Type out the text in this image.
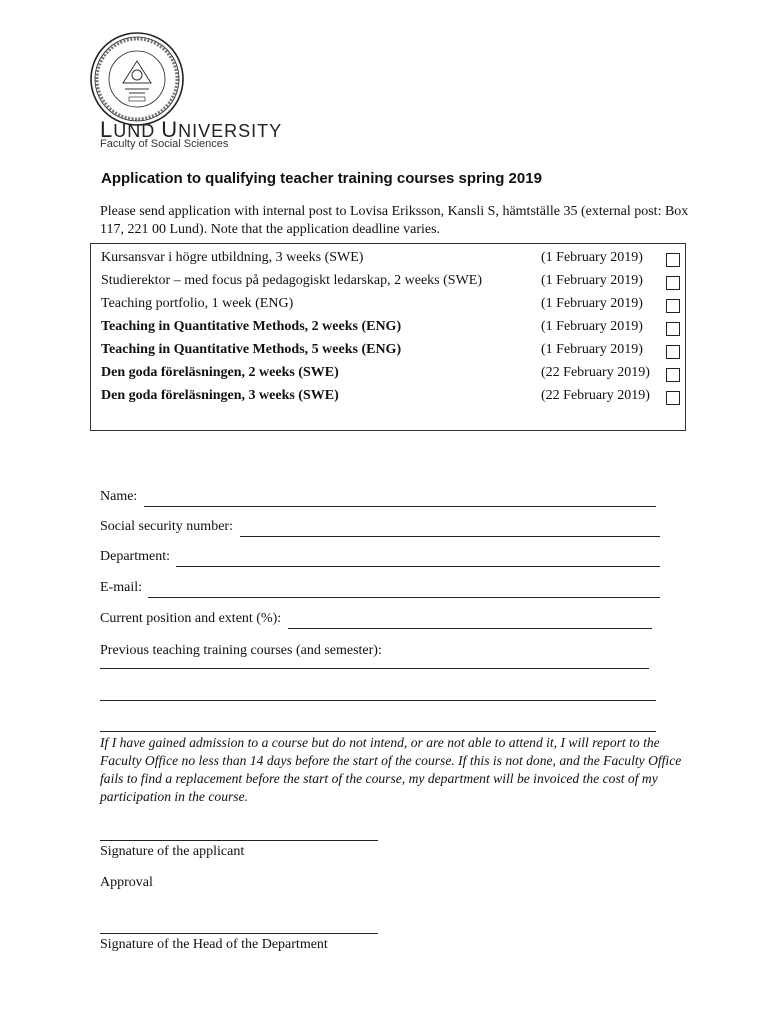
LUND UNIVERSITY
Faculty of Social Sciences
Application to qualifying teacher training courses spring 2019
Please send application with internal post to Lovisa Eriksson, Kansli S, hämtställe 35 (external post: Box 117, 221 00 Lund). Note that the application deadline varies.
Kursansvar i högre utbildning, 3 weeks (SWE)	(1 February 2019)
Studierektor – med focus på pedagogiskt ledarskap, 2 weeks (SWE)	(1 February 2019)
Teaching portfolio, 1 week (ENG)	(1 February 2019)
Teaching in Quantitative Methods, 2 weeks (ENG)	(1 February 2019)
Teaching in Quantitative Methods, 5 weeks (ENG)	(1 February 2019)
Den goda föreläsningen, 2 weeks (SWE)	(22 February 2019)
Den goda föreläsningen, 3 weeks (SWE)	(22 February 2019)
Name:
Social security number:
Department:
E-mail:
Current position and extent (%):
Previous teaching training courses (and semester):
If I have gained admission to a course but do not intend, or are not able to attend it, I will report to the Faculty Office no less than 14 days before the start of the course. If this is not done, and the Faculty Office fails to find a replacement before the start of the course, my department will be invoiced the cost of my participation in the course.
Signature of the applicant
Approval
Signature of the Head of the Department
